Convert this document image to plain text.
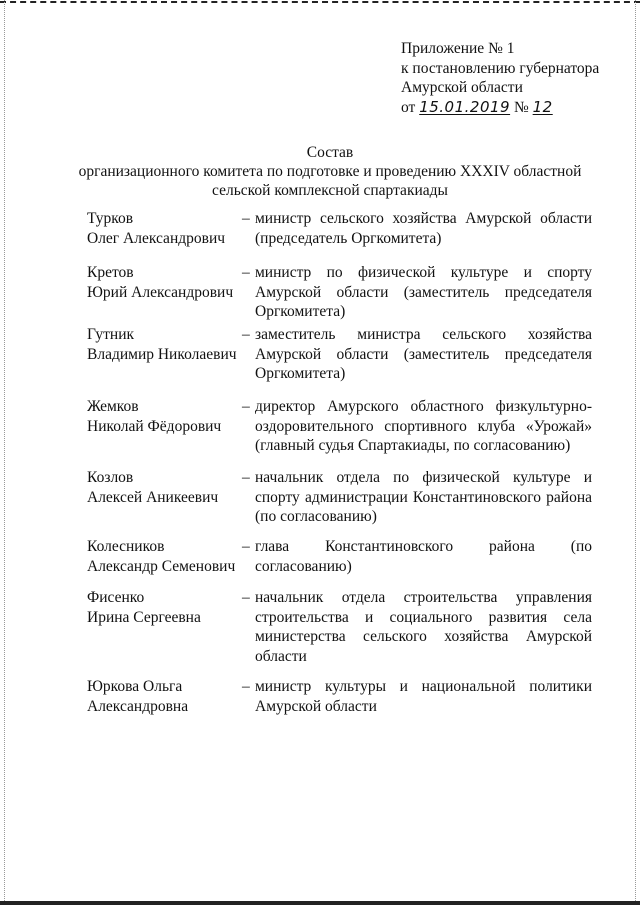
Приложение № 1
к постановлению губернатора
Амурской области
от 15.01.2019 № 12
Состав
организационного комитета по подготовке и проведению XXXIV областной
сельской комплексной спартакиады
Турков
Олег Александрович
– министр сельского хозяйства Амурской области (председатель Оргкомитета)
Кретов
Юрий Александрович
– министр по физической культуре и спорту Амурской области (заместитель председателя Оргкомитета)
Гутник
Владимир Николаевич
– заместитель министра сельского хозяйства Амурской области (заместитель председателя Оргкомитета)
Жемков
Николай Фёдорович
– директор Амурского областного физкультурно-оздоровительного спортивного клуба «Урожай» (главный судья Спартакиады, по согласованию)
Козлов
Алексей Аникеевич
– начальник отдела по физической культуре и спорту администрации Константиновского района (по согласованию)
Колесников
Александр Семенович
– глава Константиновского района (по согласованию)
Фисенко
Ирина Сергеевна
– начальник отдела строительства управления строительства и социального развития села министерства сельского хозяйства Амурской области
Юркова Ольга
Александровна
– министр культуры и национальной политики Амурской области
